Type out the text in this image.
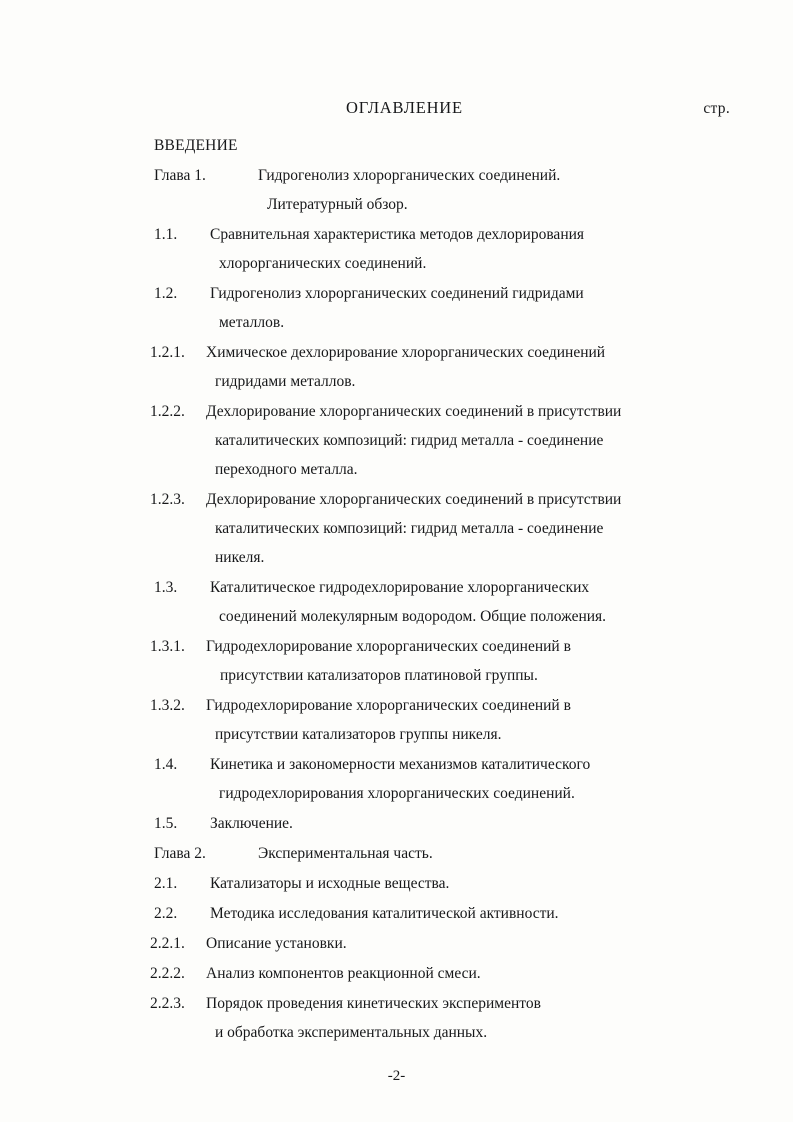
ОГЛАВЛЕНИЕ	стр.
ВВЕДЕНИЕ
Глава 1.	Гидрогенолиз хлорорганических соединений.
Литературный обзор.
1.1.	Сравнительная характеристика методов дехлорирования
хлорорганических соединений.
1.2.	Гидрогенолиз хлорорганических соединений гидридами
металлов.
1.2.1.	Химическое дехлорирование хлорорганических соединений
гидридами металлов.
1.2.2.	Дехлорирование хлорорганических соединений в присутствии
каталитических композиций: гидрид металла - соединение
переходного металла.
1.2.3.	Дехлорирование хлорорганических соединений в присутствии
каталитических композиций: гидрид металла - соединение
никеля.
1.3.	Каталитическое гидродехлорирование хлорорганических
соединений молекулярным водородом. Общие положения.
1.3.1.	Гидродехлорирование хлорорганических соединений в
присутствии катализаторов платиновой группы.
1.3.2.	Гидродехлорирование хлорорганических соединений в
присутствии катализаторов группы никеля.
1.4.	Кинетика и закономерности механизмов каталитического
гидродехлорирования хлорорганических соединений.
1.5.	Заключение.
Глава 2.	Экспериментальная часть.
2.1.	Катализаторы и исходные вещества.
2.2.	Методика исследования каталитической активности.
2.2.1.	Описание установки.
2.2.2.	Анализ компонентов реакционной смеси.
2.2.3.	Порядок проведения кинетических экспериментов
и обработка экспериментальных данных.
-2-
